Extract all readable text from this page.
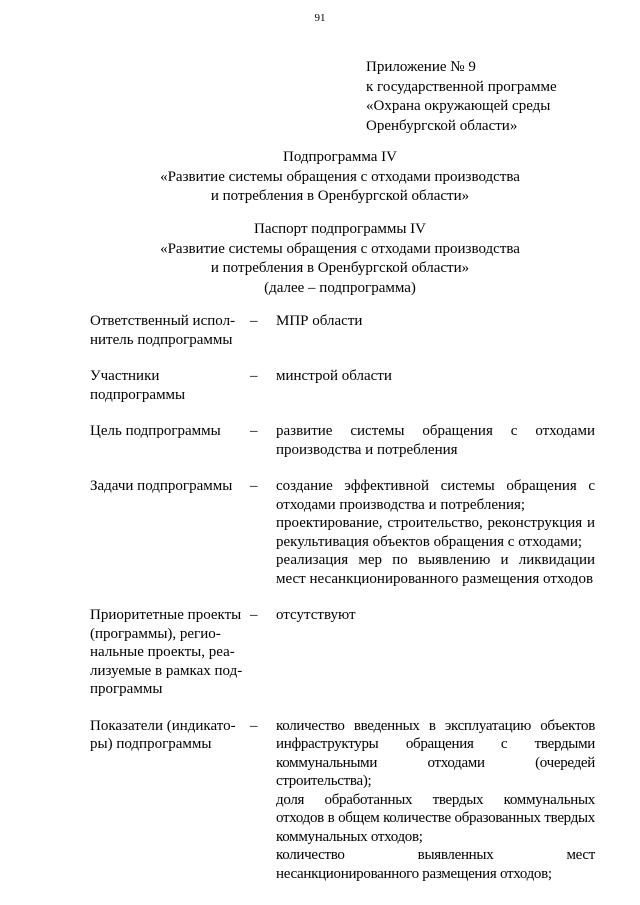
91
Приложение № 9
к государственной программе
«Охрана окружающей среды
Оренбургской области»
Подпрограмма IV
«Развитие системы обращения с отходами производства
и потребления в Оренбургской области»
Паспорт подпрограммы IV
«Развитие системы обращения с отходами производства
и потребления в Оренбургской области»
(далее – подпрограмма)
Ответственный испол-
нитель подпрограммы
–	МПР области

Участники
подпрограммы
–	минстрой области

Цель подпрограммы	–	развитие системы обращения с отходами производства и потребления

Задачи подпрограммы	–	создание эффективной системы обращения с отходами производства и потребления;

проектирование, строительство, реконструкция и рекультивация объектов обращения с отходами;

реализация мер по выявлению и ликвидации мест несанкционированного размещения отходов

Приоритетные проекты
(программы), регио-
нальные проекты, реа-
лизуемые в рамках под-
программы
–	отсутствуют

Показатели (индикато-
ры) подпрограммы
–	количество введенных в эксплуатацию объектов инфраструктуры обращения с твердыми коммунальными отходами (очередей строительства);

доля обработанных твердых коммунальных отходов в общем количестве образованных твердых коммунальных отходов;

количество выявленных мест несанкционированного размещения отходов;
